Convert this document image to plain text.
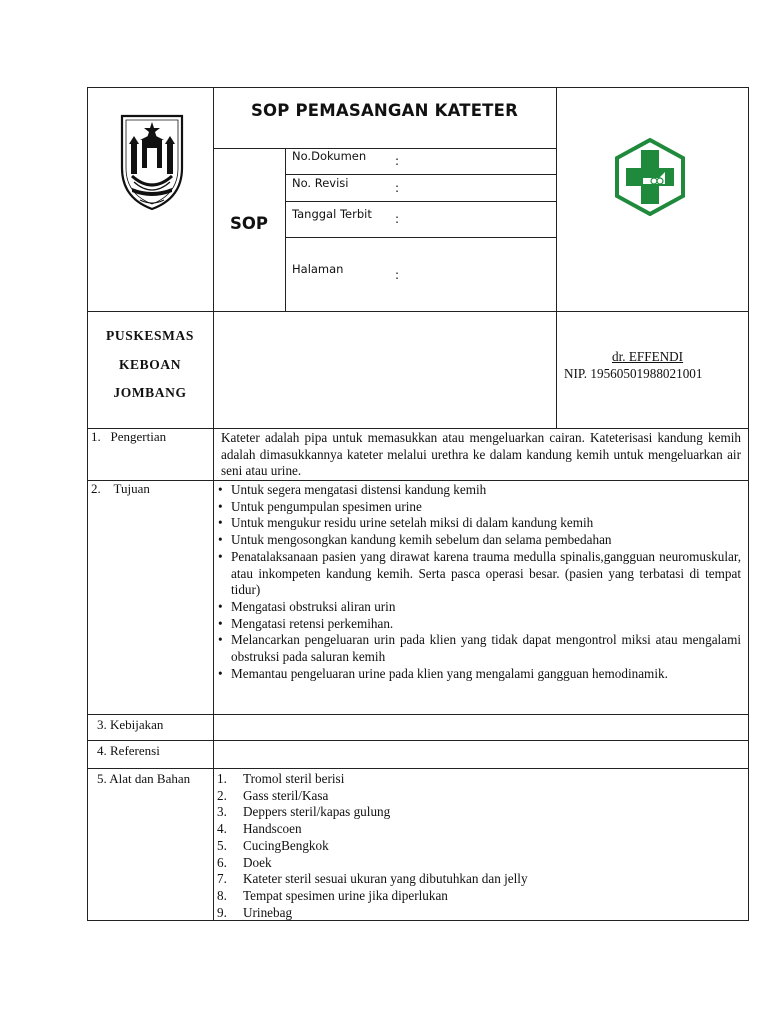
SOP PEMASANGAN KATETER
SOP
No.Dokumen :
No. Revisi	:
Tanggal Terbit :
Halaman	:
PUSKESMAS
KEBOAN
JOMBANG
dr. EFFENDI
NIP. 19560501988021001
1.   Pengertian	Kateter adalah pipa untuk memasukkan atau mengeluarkan cairan. Kateterisasi kandung kemih adalah dimasukkannya kateter melalui urethra ke dalam kandung kemih untuk mengeluarkan air seni atau urine.
2.    Tujuan	• Untuk segera mengatasi distensi kandung kemih
• Untuk pengumpulan spesimen urine
• Untuk mengukur residu urine setelah miksi di dalam kandung kemih
• Untuk mengosongkan kandung kemih sebelum dan selama pembedahan
• Penatalaksanaan pasien yang dirawat karena trauma medulla spinalis,gangguan neuromuskular, atau inkompeten kandung kemih. Serta pasca operasi besar. (pasien yang terbatasi di tempat tidur)
• Mengatasi obstruksi aliran urin
• Mengatasi retensi perkemihan.
• Melancarkan pengeluaran urin pada klien yang tidak dapat mengontrol miksi atau mengalami obstruksi pada saluran kemih
• Memantau pengeluaran urine pada klien yang mengalami gangguan hemodinamik.
3. Kebijakan
4. Referensi
5. Alat dan Bahan 1. Tromol steril berisi
2. Gass steril/Kasa
3. Deppers steril/kapas gulung
4. Handscoen
5. CucingBengkok
6. Doek
7. Kateter steril sesuai ukuran yang dibutuhkan dan jelly
8. Tempat spesimen urine jika diperlukan
9. Urinebag
